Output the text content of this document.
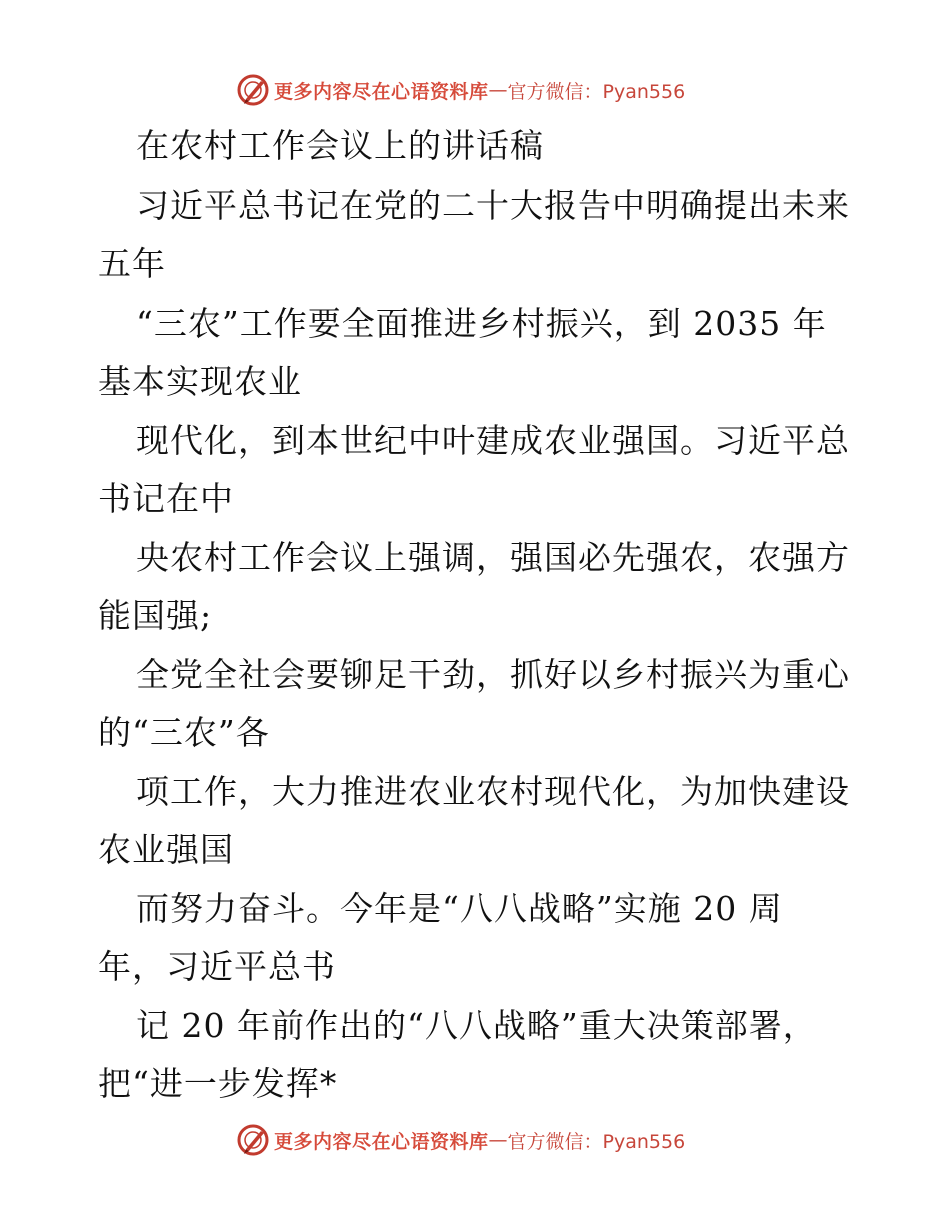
更多内容尽在心语资料库 — 官方微信：Pyan556
在农村工作会议上的讲话稿
习近平总书记在党的二十大报告中明确提出未来
五年
“三农”工作要全面推进乡村振兴，到 2035 年
基本实现农业
现代化，到本世纪中叶建成农业强国。习近平总
书记在中
央农村工作会议上强调，强国必先强农，农强方
能国强;
全党全社会要铆足干劲，抓好以乡村振兴为重心
的“三农”各
项工作，大力推进农业农村现代化，为加快建设
农业强国
而努力奋斗。今年是“八八战略”实施 20 周
年，习近平总书
记 20 年前作出的“八八战略”重大决策部署，
把“进一步发挥*
更多内容尽在心语资料库 — 官方微信：Pyan556
